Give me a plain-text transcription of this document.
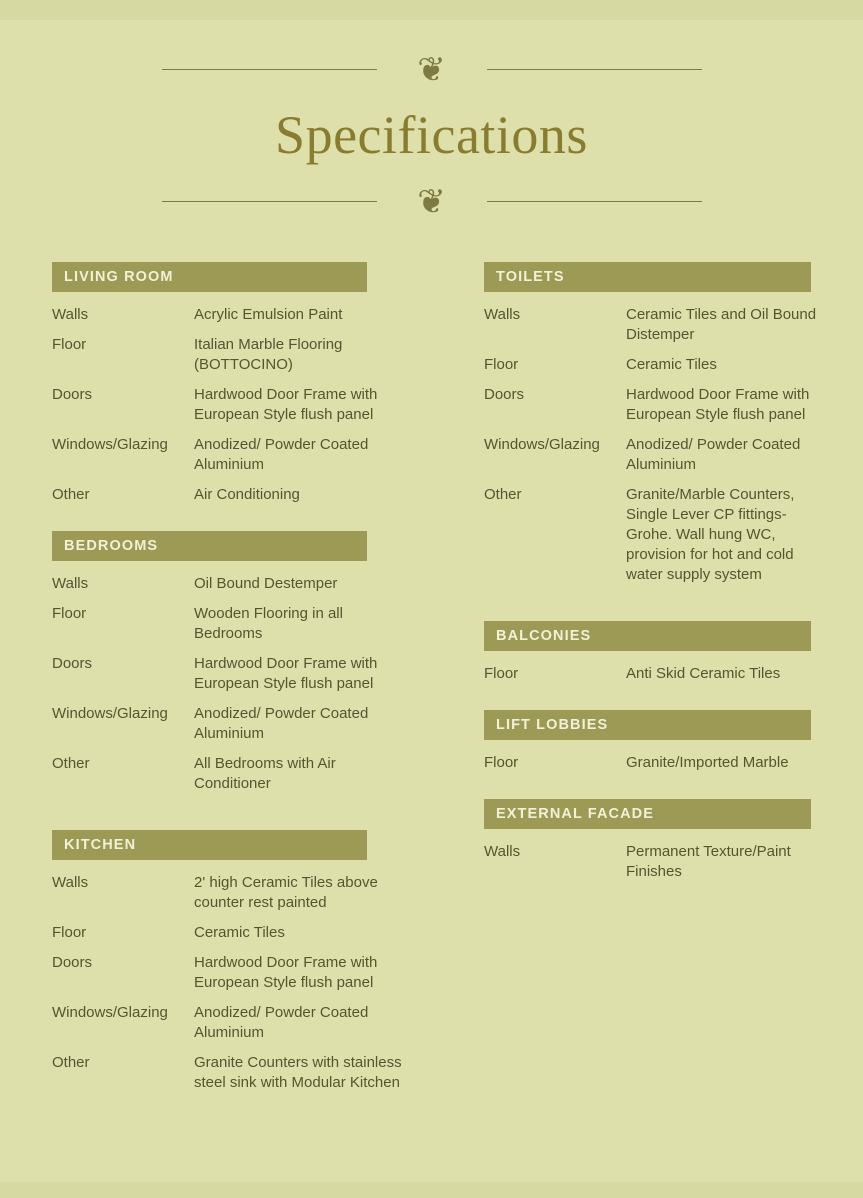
❦
Specifications
❦
LIVING ROOM
Walls	Acrylic Emulsion Paint
Floor	Italian Marble Flooring (BOTTOCINO)
Doors	Hardwood Door Frame with European Style flush panel
Windows/Glazing	Anodized/ Powder Coated Aluminium
Other	Air Conditioning
BEDROOMS
Walls	Oil Bound Destemper
Floor	Wooden Flooring in all Bedrooms
Doors	Hardwood Door Frame with European Style flush panel
Windows/Glazing	Anodized/ Powder Coated Aluminium
Other	All Bedrooms with Air Conditioner
KITCHEN
Walls	2' high Ceramic Tiles above counter rest painted
Floor	Ceramic Tiles
Doors	Hardwood Door Frame with European Style flush panel
Windows/Glazing	Anodized/ Powder Coated Aluminium
Other	Granite Counters with stainless steel sink with Modular Kitchen
TOILETS
Walls	Ceramic Tiles and Oil Bound Distemper
Floor	Ceramic Tiles
Doors	Hardwood Door Frame with European Style flush panel
Windows/Glazing	Anodized/ Powder Coated Aluminium
Other	Granite/Marble Counters, Single Lever CP fittings- Grohe. Wall hung WC, provision for hot and cold water supply system
BALCONIES
Floor	Anti Skid Ceramic Tiles
LIFT LOBBIES
Floor	Granite/Imported Marble
EXTERNAL FACADE
Walls	Permanent Texture/Paint Finishes
